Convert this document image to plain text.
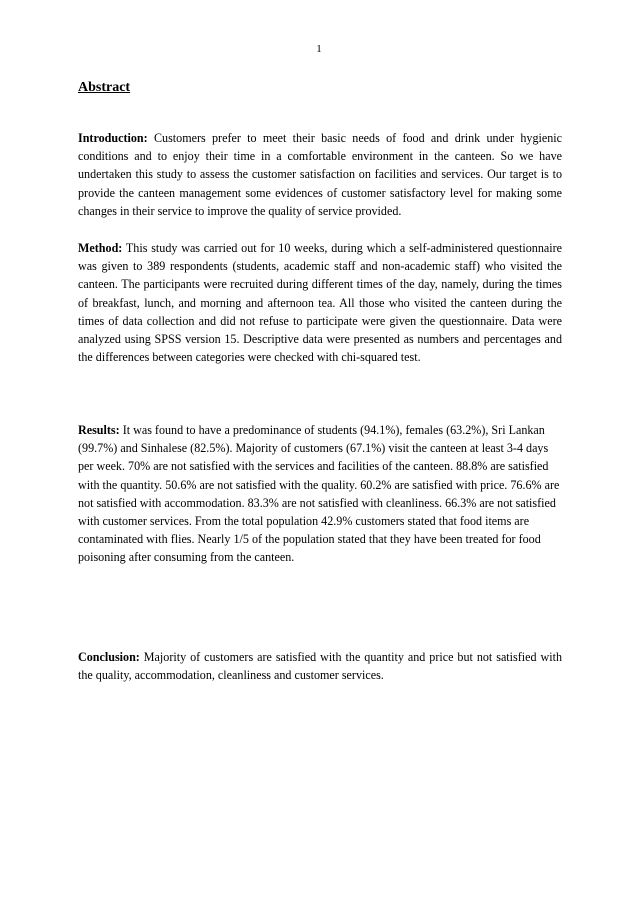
1
Abstract

Introduction: Customers prefer to meet their basic needs of food and drink under hygienic conditions and to enjoy their time in a comfortable environment in the canteen. So we have undertaken this study to assess the customer satisfaction on facilities and services. Our target is to provide the canteen management some evidences of customer satisfactory level for making some changes in their service to improve the quality of service provided.

Method: This study was carried out for 10 weeks, during which a self-administered questionnaire was given to 389 respondents (students, academic staff and non-academic staff) who visited the canteen. The participants were recruited during different times of the day, namely, during the times of breakfast, lunch, and morning and afternoon tea. All those who visited the canteen during the times of data collection and did not refuse to participate were given the questionnaire. Data were analyzed using SPSS version 15. Descriptive data were presented as numbers and percentages and the differences between categories were checked with chi-squared test.

Results: It was found to have a predominance of students (94.1%), females (63.2%), Sri Lankan (99.7%) and Sinhalese (82.5%). Majority of customers (67.1%) visit the canteen at least 3-4 days per week. 70% are not satisfied with the services and facilities of the canteen. 88.8% are satisfied with the quantity. 50.6% are not satisfied with the quality. 60.2% are satisfied with price. 76.6% are not satisfied with accommodation. 83.3% are not satisfied with cleanliness. 66.3% are not satisfied with customer services. From the total population 42.9% customers stated that food items are contaminated with flies. Nearly 1/5 of the population stated that they have been treated for food poisoning after consuming from the canteen.

Conclusion: Majority of customers are satisfied with the quantity and price but not satisfied with the quality, accommodation, cleanliness and customer services.
